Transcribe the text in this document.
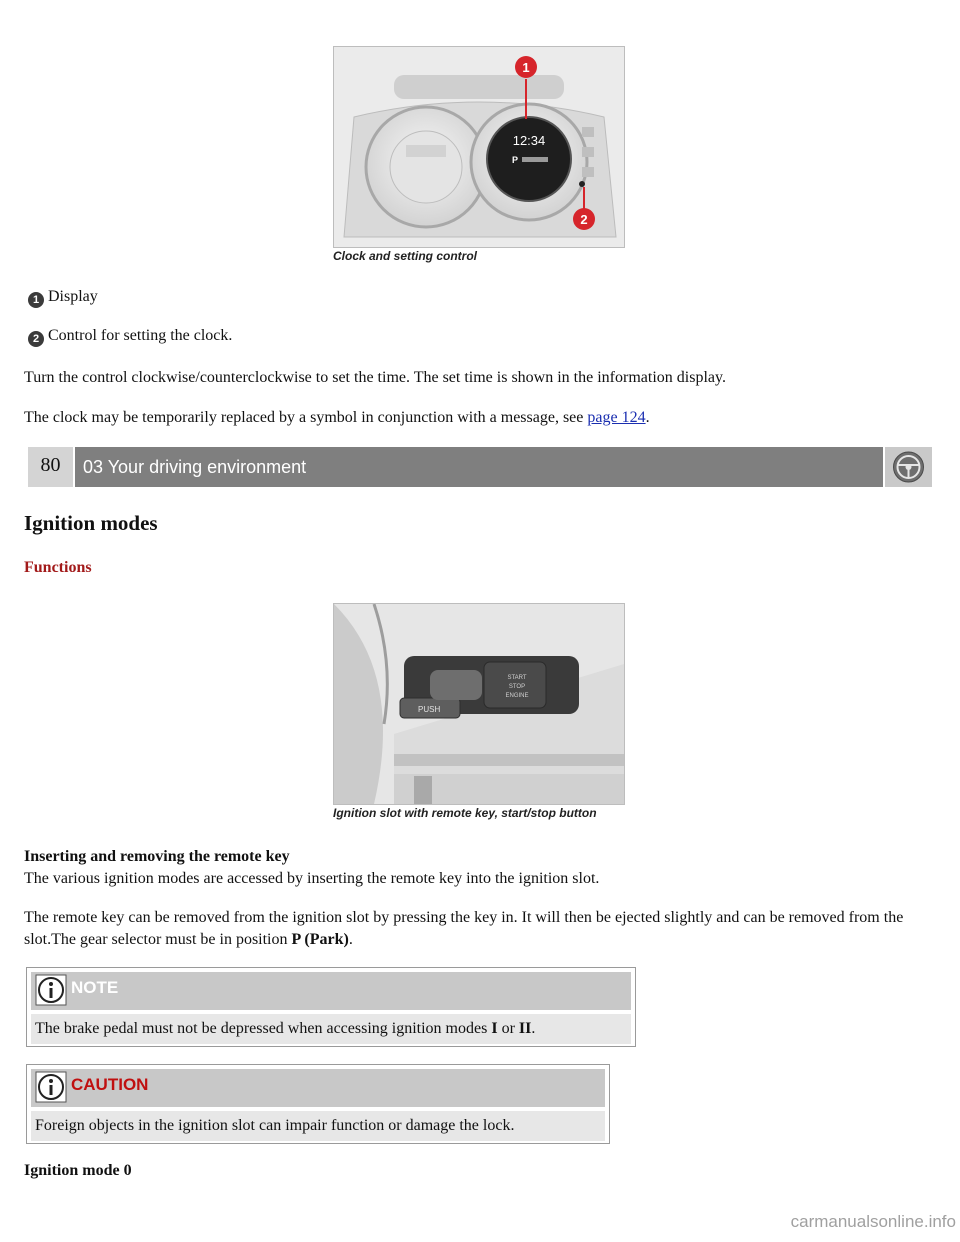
12:34
P
1
2
Clock and setting control
1 Display
2 Control for setting the clock.
Turn the control clockwise/counterclockwise to set the time. The set time is shown in the information display.
The clock may be temporarily replaced by a symbol in conjunction with a message, see page 124.
80	03 Your driving environment
Ignition modes
Functions
START
STOP
ENGINE
PUSH
Ignition slot with remote key, start/stop button
Inserting and removing the remote key
The various ignition modes are accessed by inserting the remote key into the ignition slot.
The remote key can be removed from the ignition slot by pressing the key in. It will then be ejected slightly and can be removed from the slot.The gear selector must be in position P (Park).
NOTE
The brake pedal must not be depressed when accessing ignition modes I or II.
CAUTION
Foreign objects in the ignition slot can impair function or damage the lock.
Ignition mode 0
carmanualsonline.info
